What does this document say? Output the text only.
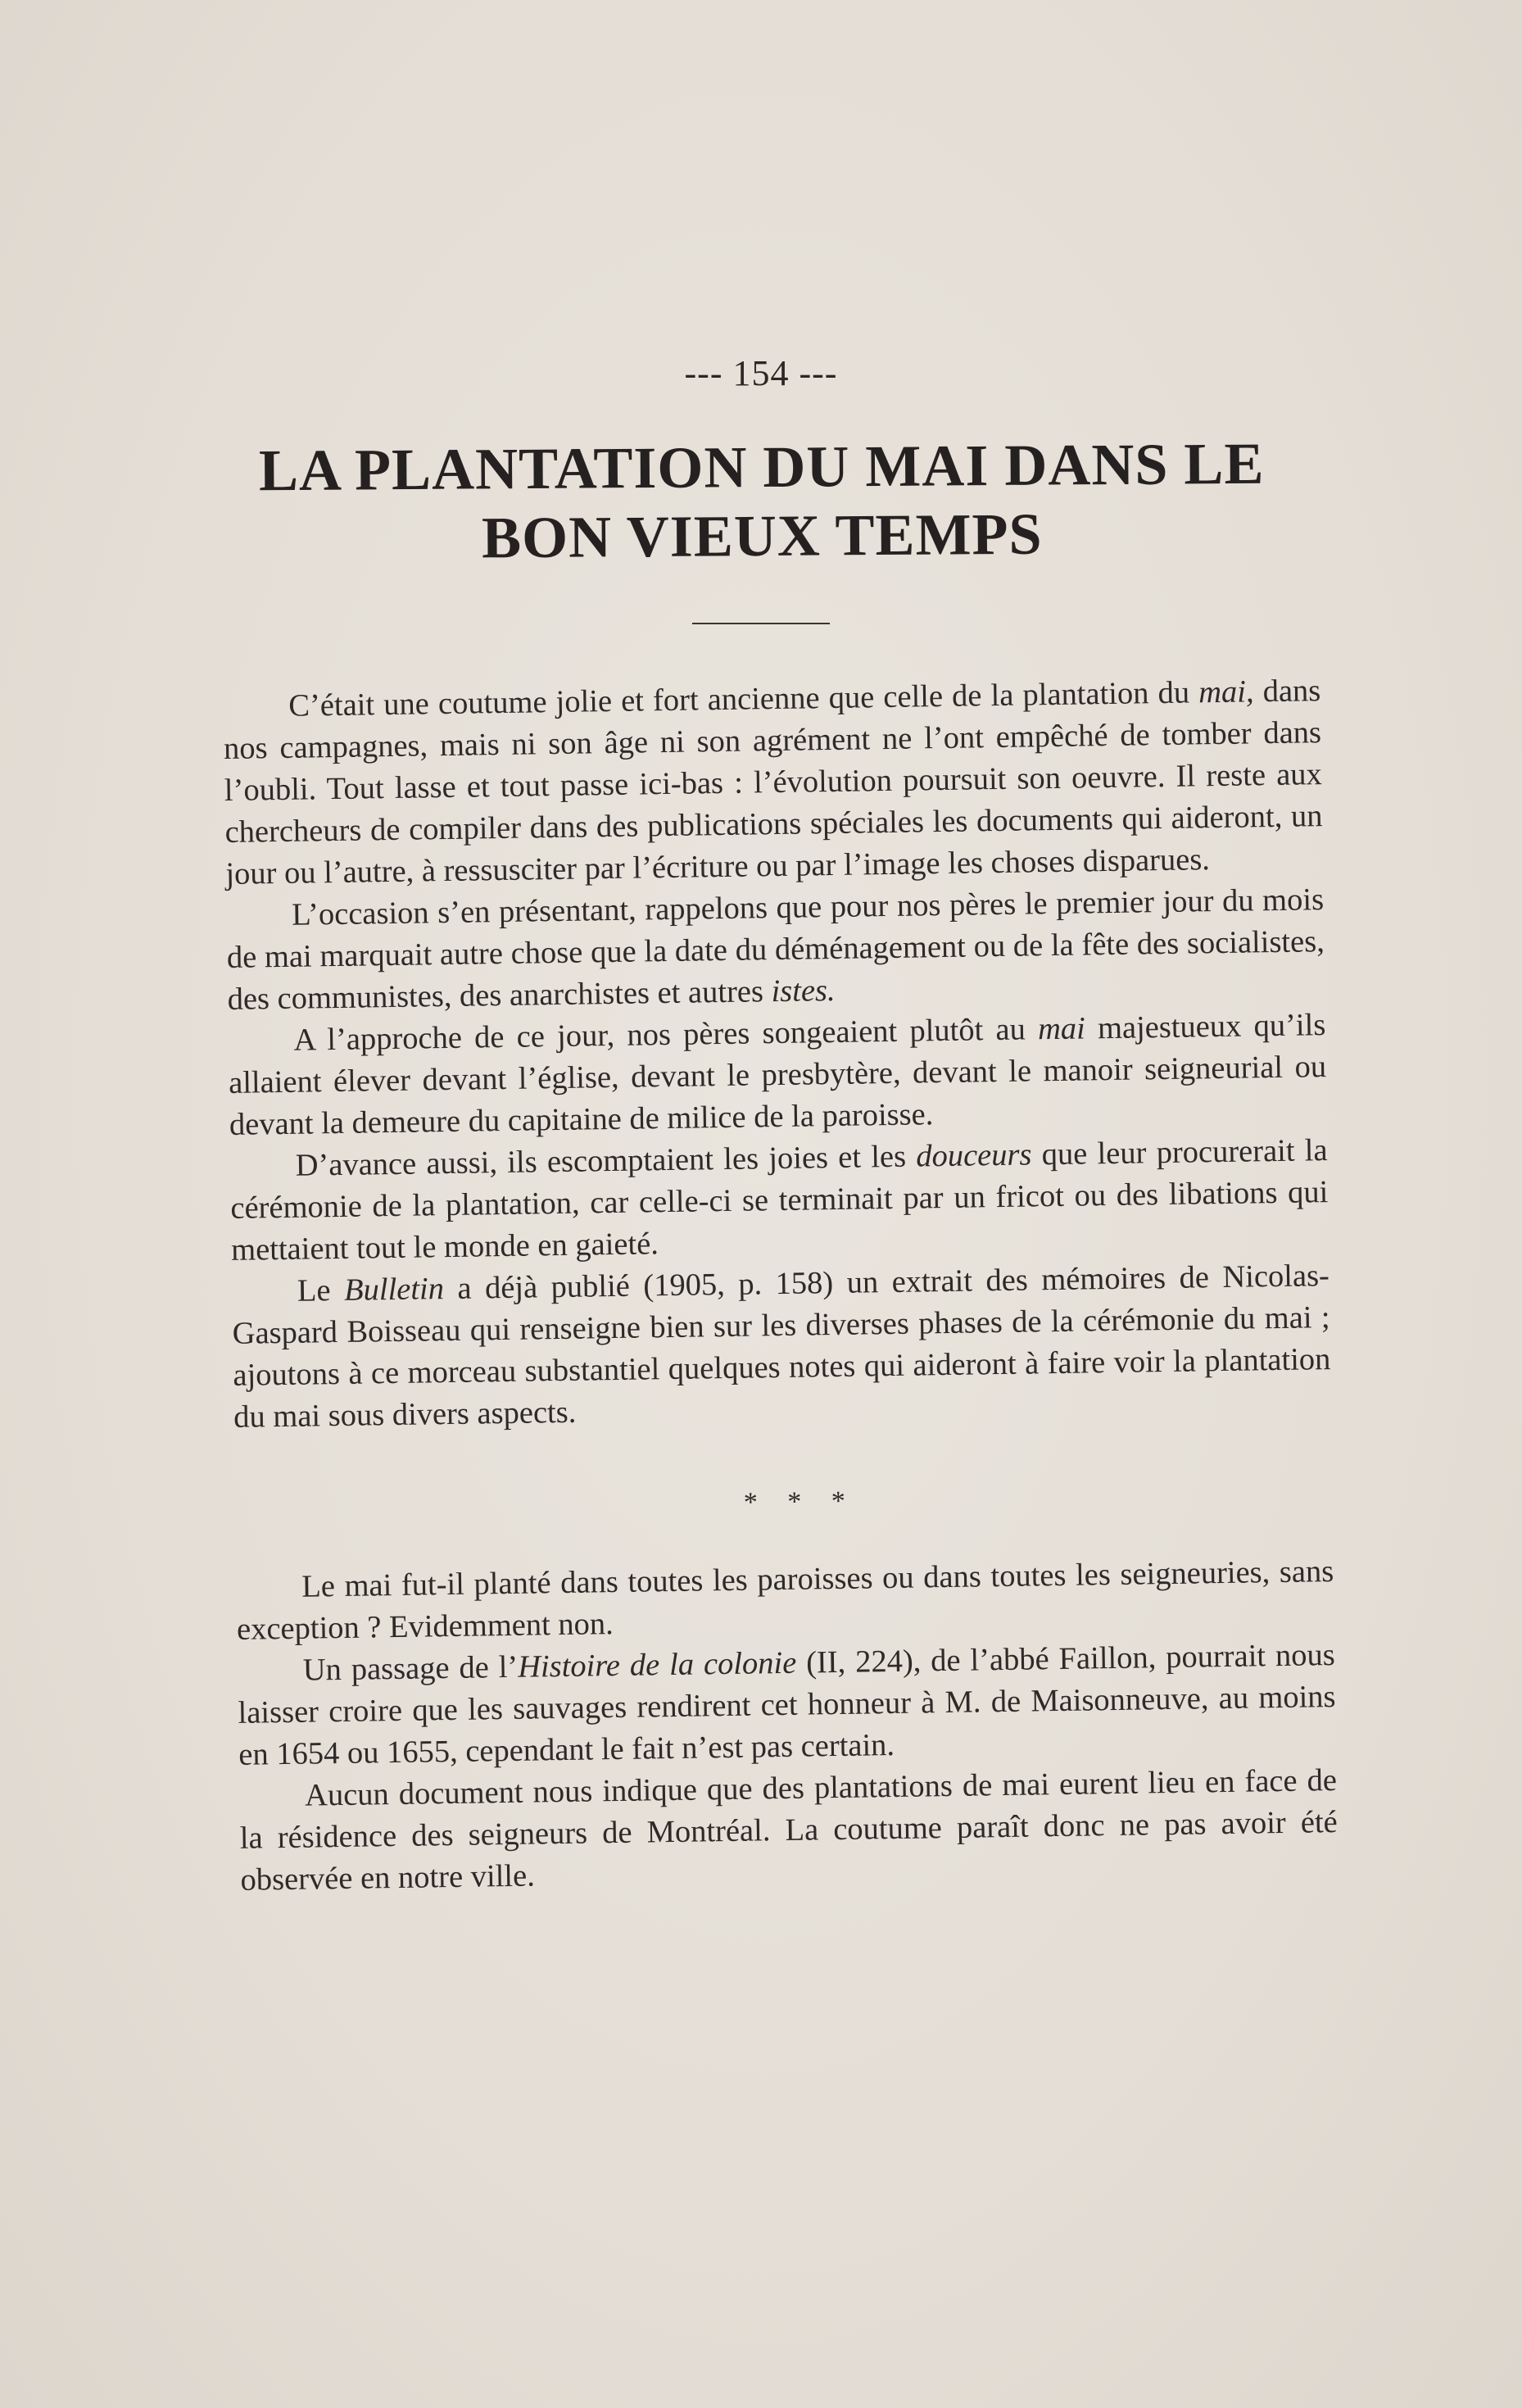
--- 154 ---
LA PLANTATION DU MAI DANS LE
BON VIEUX TEMPS

C’était une coutume jolie et fort ancienne que celle de la plantation du mai, dans nos campagnes, mais ni son âge ni son agrément ne l’ont empêché de tomber dans l’oubli. Tout lasse et tout passe ici-bas : l’évolution poursuit son oeuvre. Il reste aux chercheurs de compiler dans des publications spéciales les documents qui aideront, un jour ou l’autre, à ressusciter par l’écriture ou par l’image les choses disparues.

L’occasion s’en présentant, rappelons que pour nos pères le premier jour du mois de mai marquait autre chose que la date du déménagement ou de la fête des socialistes, des communistes, des anarchistes et autres istes.

A l’approche de ce jour, nos pères songeaient plutôt au mai majestueux qu’ils allaient élever devant l’église, devant le presbytère, devant le manoir seigneurial ou devant la demeure du capitaine de milice de la paroisse.

D’avance aussi, ils escomptaient les joies et les douceurs que leur procurerait la cérémonie de la plantation, car celle-ci se terminait par un fricot ou des libations qui mettaient tout le monde en gaieté.

Le Bulletin a déjà publié (1905, p. 158) un extrait des mémoires de Nicolas-Gaspard Boisseau qui renseigne bien sur les diverses phases de la cérémonie du mai ; ajoutons à ce morceau substantiel quelques notes qui aideront à faire voir la plantation du mai sous divers aspects.

* * *

Le mai fut-il planté dans toutes les paroisses ou dans toutes les seigneuries, sans exception ? Evidemment non.

Un passage de l’Histoire de la colonie (II, 224), de l’abbé Faillon, pourrait nous laisser croire que les sauvages rendirent cet honneur à M. de Maisonneuve, au moins en 1654 ou 1655, cependant le fait n’est pas certain.

Aucun document nous indique que des plantations de mai eurent lieu en face de la résidence des seigneurs de Montréal. La coutume paraît donc ne pas avoir été observée en notre ville.
